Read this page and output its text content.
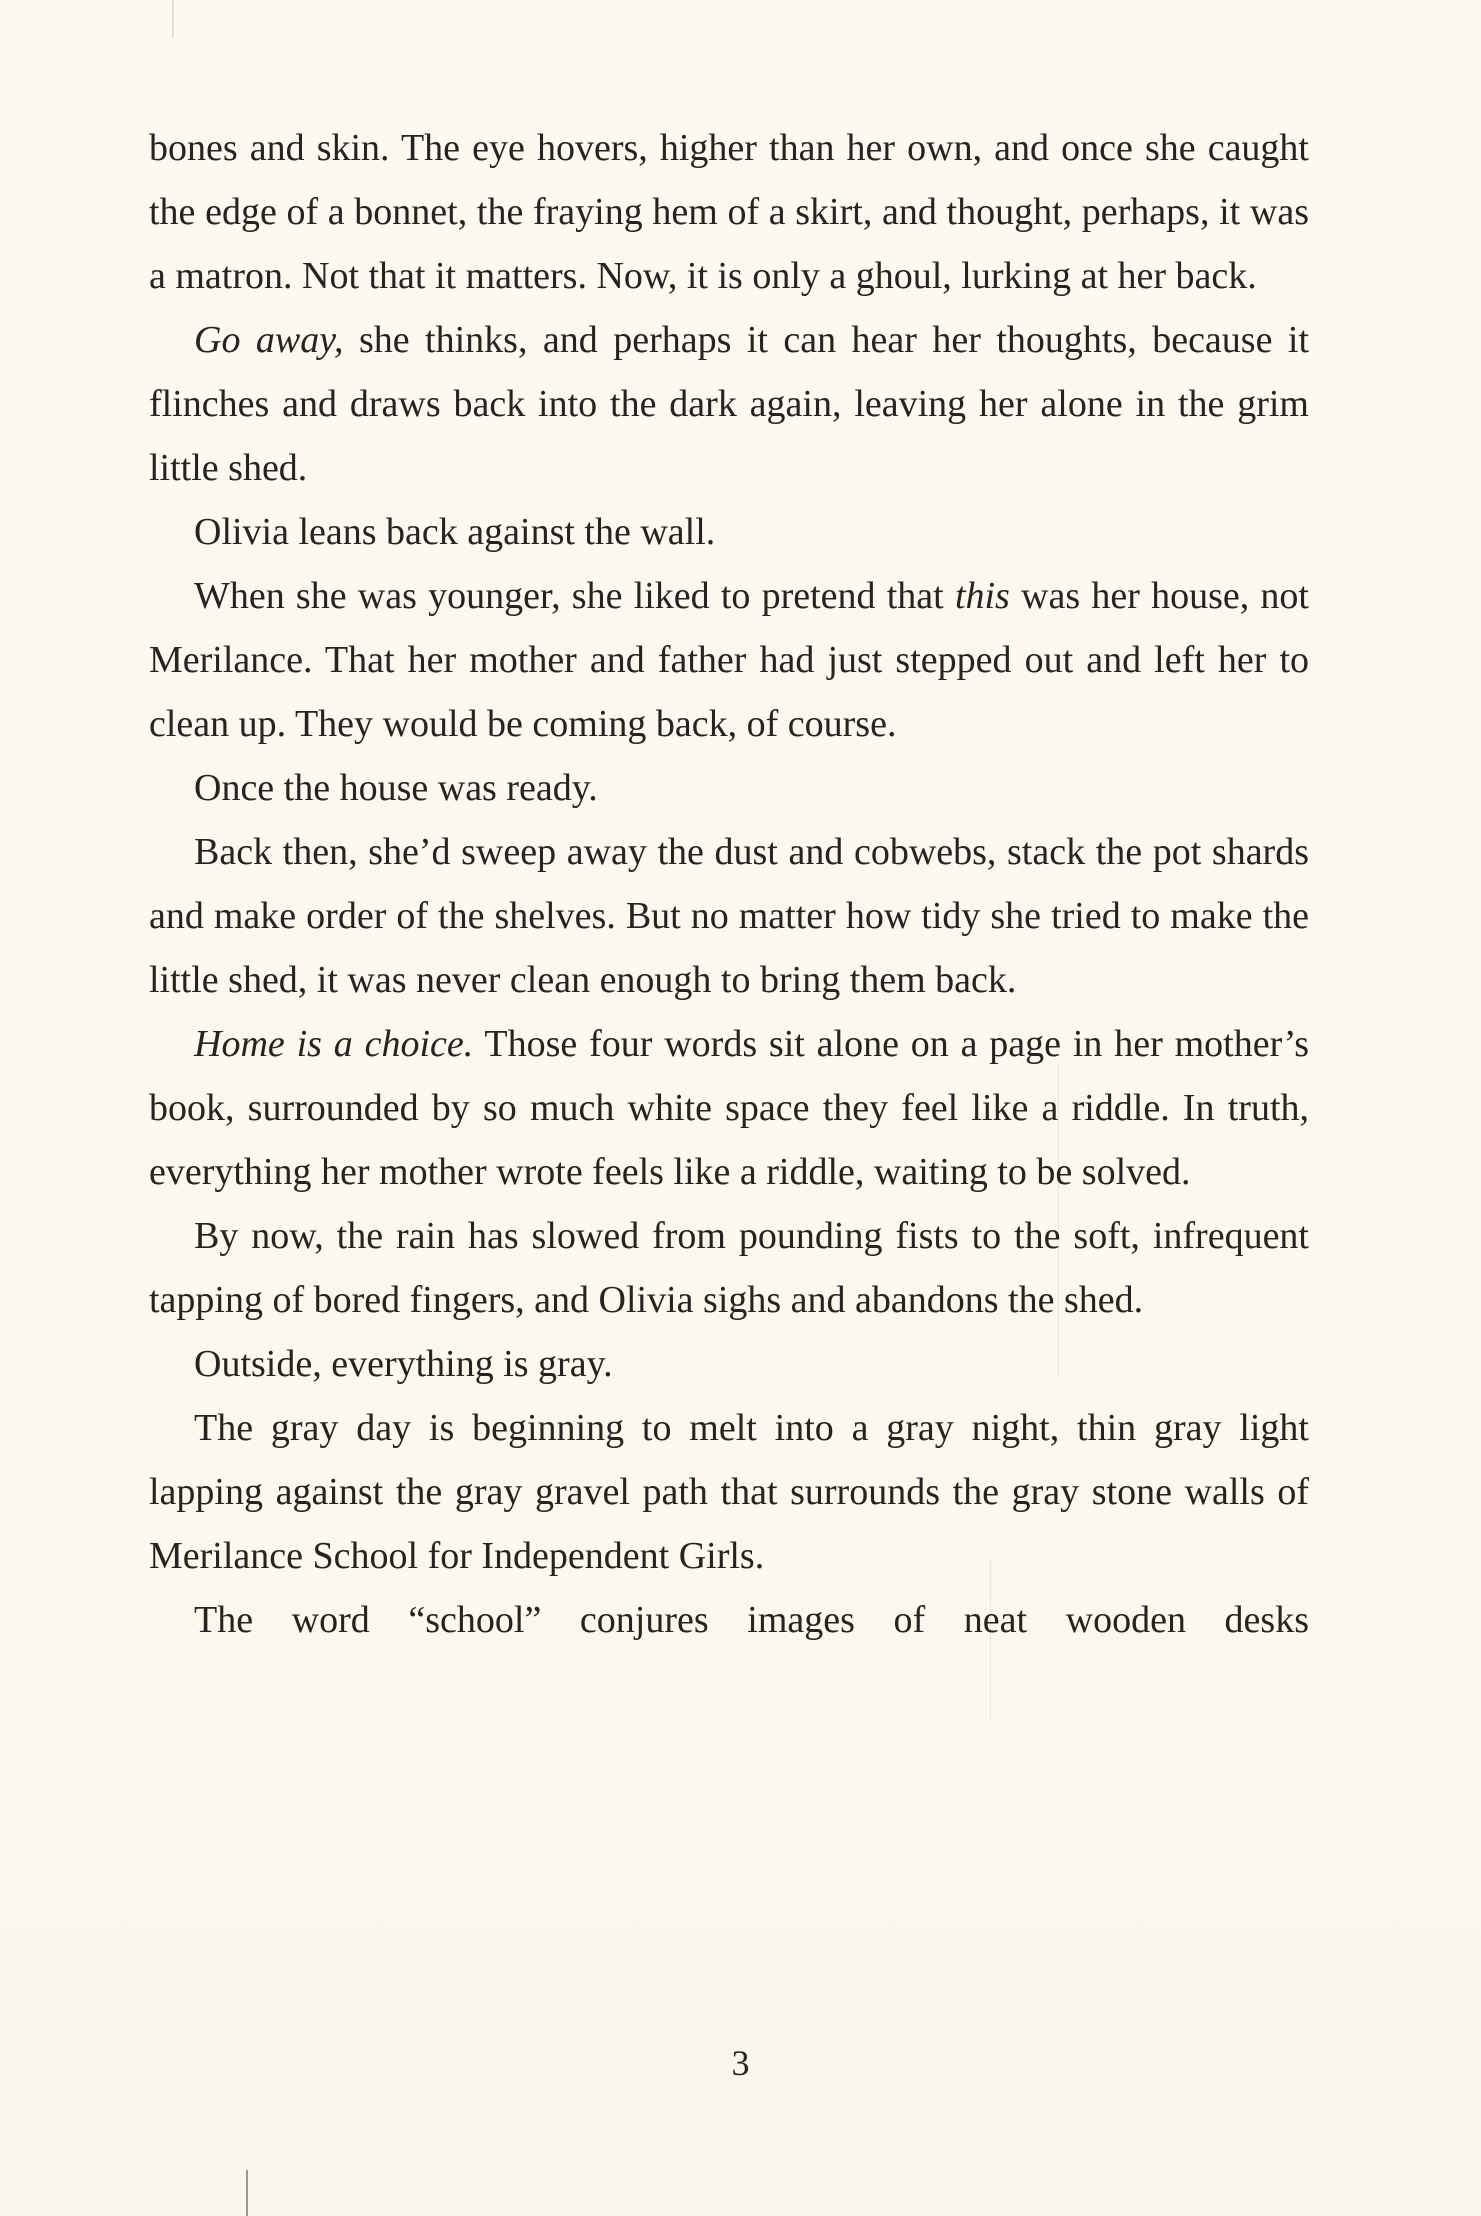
bones and skin. The eye hovers, higher than her own, and once she caught the edge of a bonnet, the fraying hem of a skirt, and thought, perhaps, it was a matron. Not that it matters. Now, it is only a ghoul, lurking at her back.

Go away, she thinks, and perhaps it can hear her thoughts, because it flinches and draws back into the dark again, leaving her alone in the grim little shed.

Olivia leans back against the wall.

When she was younger, she liked to pretend that this was her house, not Merilance. That her mother and father had just stepped out and left her to clean up. They would be coming back, of course.

Once the house was ready.

Back then, she’d sweep away the dust and cobwebs, stack the pot shards and make order of the shelves. But no matter how tidy she tried to make the little shed, it was never clean enough to bring them back.

Home is a choice. Those four words sit alone on a page in her mother’s book, surrounded by so much white space they feel like a riddle. In truth, everything her mother wrote feels like a riddle, waiting to be solved.

By now, the rain has slowed from pounding fists to the soft, infrequent tapping of bored fingers, and Olivia sighs and abandons the shed.

Outside, everything is gray.

The gray day is beginning to melt into a gray night, thin gray light lapping against the gray gravel path that surrounds the gray stone walls of Merilance School for Independent Girls.

The word “school” conjures images of neat wooden desks

3
